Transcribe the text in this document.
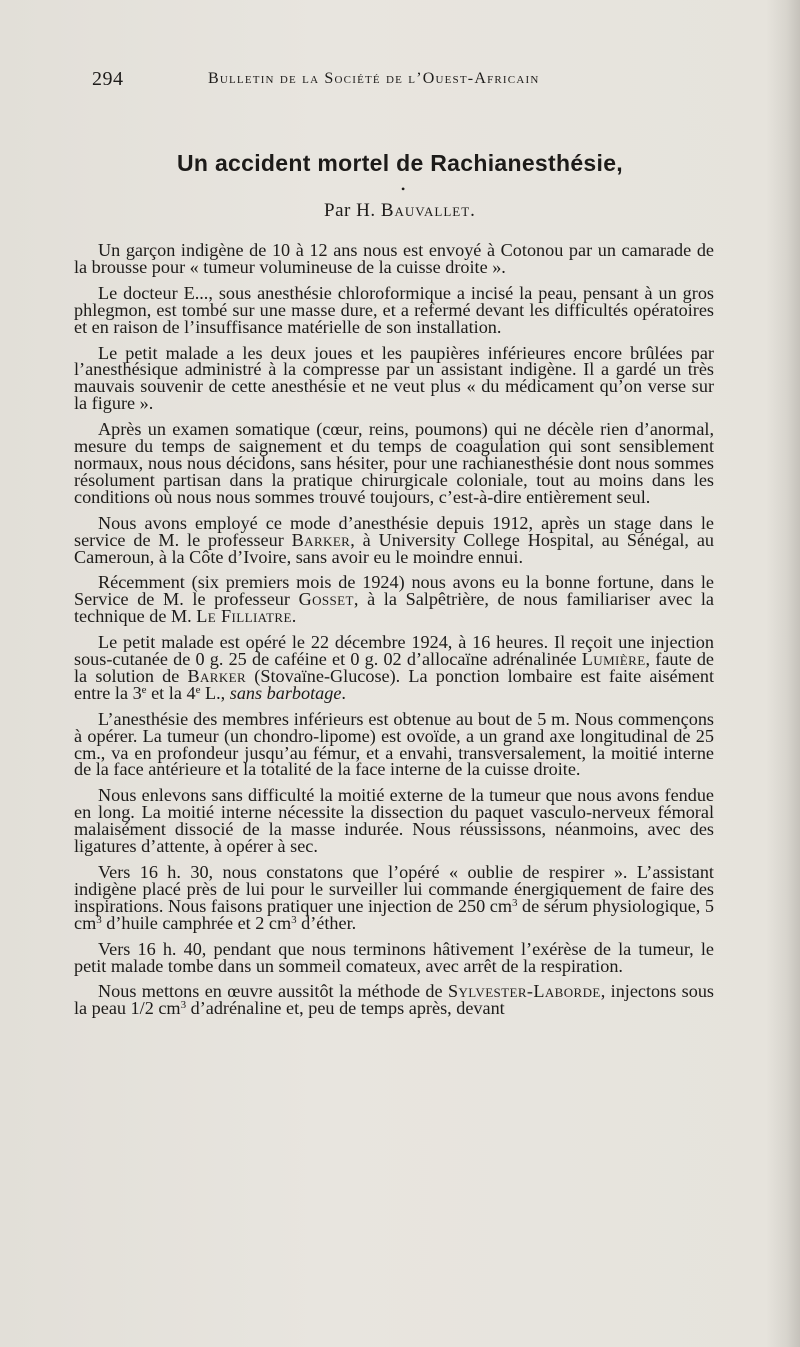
294	Bulletin de la Société de l’Ouest-Africain
Un accident mortel de Rachianesthésie,
•
Par H. Bauvallet.

Un garçon indigène de 10 à 12 ans nous est envoyé à Cotonou par un camarade de la brousse pour « tumeur volumineuse de la cuisse droite ».

Le docteur E..., sous anesthésie chloroformique a incisé la peau, pensant à un gros phlegmon, est tombé sur une masse dure, et a refermé devant les difficultés opératoires et en raison de l’insuffisance matérielle de son installation.

Le petit malade a les deux joues et les paupières inférieures encore brûlées par l’anesthésique administré à la compresse par un assistant indigène. Il a gardé un très mauvais souvenir de cette anesthésie et ne veut plus « du médicament qu’on verse sur la figure ».

Après un examen somatique (cœur, reins, poumons) qui ne décèle rien d’anormal, mesure du temps de saignement et du temps de coagulation qui sont sensiblement normaux, nous nous décidons, sans hésiter, pour une rachianesthésie dont nous sommes résolument partisan dans la pratique chirurgicale coloniale, tout au moins dans les conditions où nous nous sommes trouvé toujours, c’est-à-dire entièrement seul.

Nous avons employé ce mode d’anesthésie depuis 1912, après un stage dans le service de M. le professeur Barker, à University College Hospital, au Sénégal, au Cameroun, à la Côte d’Ivoire, sans avoir eu le moindre ennui.

Récemment (six premiers mois de 1924) nous avons eu la bonne fortune, dans le Service de M. le professeur Gosset, à la Salpêtrière, de nous familiariser avec la technique de M. Le Filliatre.

Le petit malade est opéré le 22 décembre 1924, à 16 heures. Il reçoit une injection sous-cutanée de 0 g. 25 de caféine et 0 g. 02 d’allocaïne adrénalinée Lumière, faute de la solution de Barker (Stovaïne-Glucose). La ponction lombaire est faite aisément entre la 3e et la 4e L., sans barbotage.

L’anesthésie des membres inférieurs est obtenue au bout de 5 m. Nous commençons à opérer. La tumeur (un chondro-lipome) est ovoïde, a un grand axe longitudinal de 25 cm., va en profondeur jusqu’au fémur, et a envahi, transversalement, la moitié interne de la face antérieure et la totalité de la face interne de la cuisse droite.

Nous enlevons sans difficulté la moitié externe de la tumeur que nous avons fendue en long. La moitié interne nécessite la dissection du paquet vasculo-nerveux fémoral malaisément dissocié de la masse indurée. Nous réussissons, néanmoins, avec des ligatures d’attente, à opérer à sec.

Vers 16 h. 30, nous constatons que l’opéré « oublie de respirer ». L’assistant indigène placé près de lui pour le surveiller lui commande énergiquement de faire des inspirations. Nous faisons pratiquer une injection de 250 $cm^3$ de sérum physiologique, 5 $cm^3$ d’huile camphrée et 2 $cm^3$ d’éther.

Vers 16 h. 40, pendant que nous terminons hâtivement l’exérèse de la tumeur, le petit malade tombe dans un sommeil comateux, avec arrêt de la respiration.

Nous mettons en œuvre aussitôt la méthode de Sylvester-Laborde, injectons sous la peau 1/2 $cm^3$ d’adrénaline et, peu de temps après, devant
